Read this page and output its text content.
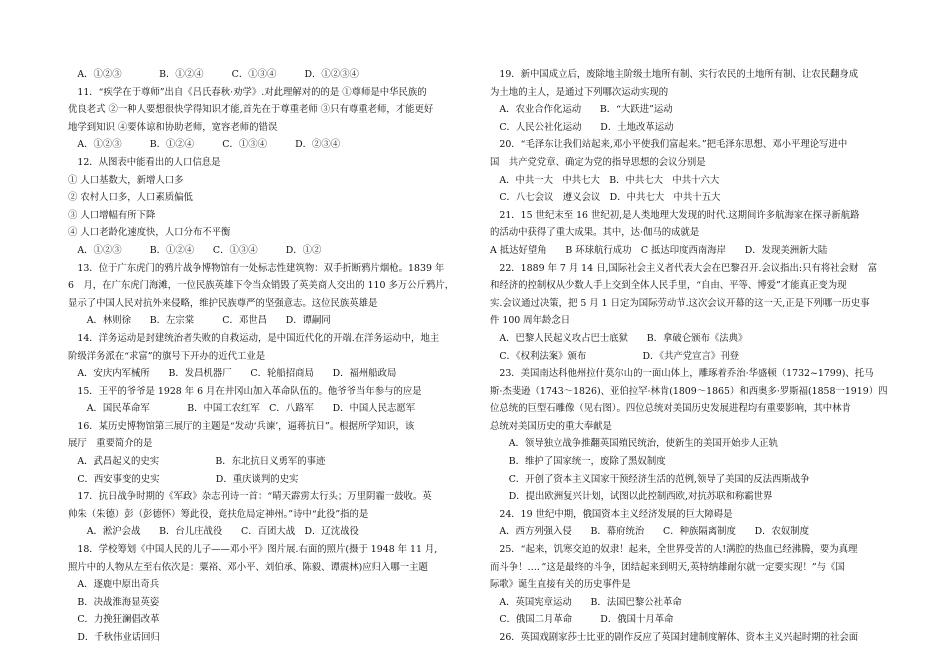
　A．①②③　　　　B．①②④　　　C．①③④　　　D．①②③④
　11．“疾学在于尊师”出自《吕氏春秋·劝学》.对此理解对的的是 ①尊师是中华民族的
优良老式 ②一种人要想很快学得知识才能,首先在于尊重老师 ③只有尊重老师，才能更好
地学到知识 ④要体谅和协助老师，宽容老师的错误
　A．①②③　　　B．①②④　　　C．①③④　　　D．②③④
　12．从图表中能看出的人口信息是
① 人口基数大，新增人口多
② 农村人口多，人口素质偏低
③ 人口增幅有所下降
④ 人口老龄化速度快，人口分布不平衡
　A．①②③　　　B．①②④　　C．①③④　　　D．①②
　13．位于广东虎门的鸦片战争博物馆有一处标志性建筑物：双手折断鸦片烟枪。1839 年
6　月，在广东虎门海滩，一位民族英雄下令当众销毁了英美商人交出的 110 多万公斤鸦片，
显示了中国人民对抗外来侵略，维护民族尊严的坚强意志。这位民族英雄是
　　A．林则徐　　B．左宗棠　　　C．邓世昌　　D．谭嗣同
　14．洋务运动是封建统治者失败的自救运动，是中国近代化的开端.在洋务运动中，地主
阶级洋务派在“求富”的旗号下开办的近代工业是
　A．安庆内军械所　　B．发昌机器厂　　C．轮船招商局　　D．福州船政局
　15．王平的爷爷是 1928 年 6 月在井冈山加入革命队伍的。他爷爷当年参与的应是
　　A．国民革命军　　　　B．中国工农红军　C．八路军　　D．中国人民志愿军
　16．某历史博物馆第三展厅的主题是“发动‘兵谏’，逼蒋抗日”。根据所学知识，该
展厅　重要简介的是
　A．武昌起义的史实　　　　　　B．东北抗日义勇军的事迹
　C．西安事变的史实　　　　　　D．重庆谈判的史实
　17．抗日战争时期的《军政》杂志刊诗一首：“晴天霹雳太行头；万里阴霾一鼓收。英
帅朱（朱德）彭（彭德怀）筹此役，竟扶危局定神州。”诗中“此役”指的是
　　A．淞沪会战　　B．台儿庄战役　　C．百团大战　D．辽沈战役
　18．学校筹划《中国人民的儿子——邓小平》图片展.右面的照片(摄于 1948 年 11 月,
照片中的人物从左至右依次是：粟裕、邓小平、刘伯承、陈毅、谭震林)应归入哪一主题
　A．逐鹿中原出奇兵
　B．决战淮海显英姿
　C．力挽狂澜倡改革
　D．千秋伟业话回归
　19．新中国成立后，废除地主阶级土地所有制、实行农民的土地所有制、让农民翻身成
为土地的主人，是通过下列哪次运动实现的
　A．农业合作化运动　　B．“大跃进”运动
　C．人民公社化运动　　D．土地改革运动
　20．“毛泽东让我们站起来,邓小平使我们富起来。”把毛泽东思想、邓小平理论写进中
国　共产党党章、确定为党的指导思想的会议分别是
　A．中共一大　中共七大　B．中共七大　中共十六大
　C．八七会议　遵义会议　D．中共七大　中共十五大
　21．15 世纪末至 16 世纪初,是人类地理大发现的时代.这期间许多航海家在探寻新航路
的活动中获得了重大成果。其中，达·伽马的成就是
A 抵达好望角　　B 环球航行成功　C 抵达印度西南海岸　　D．发现美洲新大陆
　22．1889 年 7 月 14 日,国际社会主义者代表大会在巴黎召开.会议指出:只有将社会财　富
和经济的控制权从少数人手上交到全体人民手里，“自由、平等、博爱”才能真正变为现
实.会议通过决策，把 5 月 1 日定为国际劳动节.这次会议开幕的这一天,正是下列哪一历史事
件 100 周年龄念日
　A．巴黎人民起义攻占巴士底狱　　B．拿破仑颁布《法典》
　C．《权利法案》颁布　　　　　　D．《共产党宣言》刊登
　23．美国南达科他州拉什莫尔山的一面山体上，雕琢着乔治·华盛顿（1732~1799)、托马
斯·杰斐逊（1743～1826)、亚伯拉罕·林肯(1809～1865）和西奥多·罗斯福(1858一1919）四
位总统的巨型石雕像（见右图）。四位总统对美国历史发展进程均有重要影响，其中林肯
总统对美国历史的重大奉献是
　　A．领导独立战争推翻英国殖民统治，使新生的美国开始步人正轨
　　B．维护了国家统一，废除了黑奴制度
　　C．开创了资本主义国家干预经济生活的范例,领导了美国的反法西斯战争
　　D．提出欧洲复兴计划，试图以此控制西欧,对抗苏联和称霸世界
　24．19 世纪中期，俄国资本主义经济发展的巨大障碍是
　A．西方列强入侵　　B．幕府统治　　C．种族隔离制度　　D．农奴制度
　25．“起来，饥寒交迫的奴隶！起来，全世界受苦的人!满腔的热血已经沸腾，要为真理
而斗争！…．”这是最终的斗争，团结起来到明天,英特纳雄耐尔就一定要实现！”与《国
际歌》诞生直接有关的历史事件是
　A．英国宪章运动　　B．法国巴黎公社革命
　C．俄国二月革命　　　D．俄国十月革命
　26．英国戏剧家莎士比亚的剧作反应了英国封建制度解体、资本主义兴起时期的社会面
